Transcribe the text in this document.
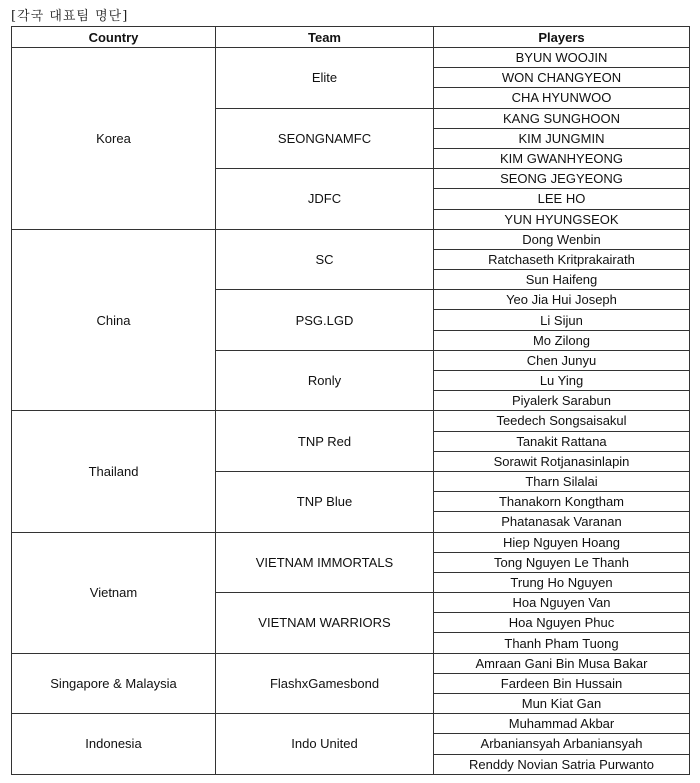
[각국 대표팀 명단]
Country	Team	Players
Korea	Elite	BYUN WOOJIN
		WON CHANGYEON
		CHA HYUNWOO
	SEONGNAMFC	KANG SUNGHOON
		KIM JUNGMIN
		KIM GWANHYEONG
	JDFC	SEONG JEGYEONG
		LEE HO
		YUN HYUNGSEOK
China	SC	Dong Wenbin
		Ratchaseth Kritprakairath
		Sun Haifeng
	PSG.LGD	Yeo Jia Hui Joseph
		Li Sijun
		Mo Zilong
	Ronly	Chen Junyu
		Lu Ying
		Piyalerk Sarabun
Thailand	TNP Red	Teedech Songsaisakul
		Tanakit Rattana
		Sorawit Rotjanasinlapin
	TNP Blue	Tharn Silalai
		Thanakorn Kongtham
		Phatanasak Varanan
Vietnam	VIETNAM IMMORTALS	Hiep Nguyen Hoang
		Tong Nguyen Le Thanh
		Trung Ho Nguyen
	VIETNAM WARRIORS	Hoa Nguyen Van
		Hoa Nguyen Phuc
		Thanh Pham Tuong
Singapore & Malaysia	FlashxGamesbond	Amraan Gani Bin Musa Bakar
		Fardeen Bin Hussain
		Mun Kiat Gan
Indonesia	Indo United	Muhammad Akbar
		Arbaniansyah Arbaniansyah
		Renddy Novian Satria Purwanto
